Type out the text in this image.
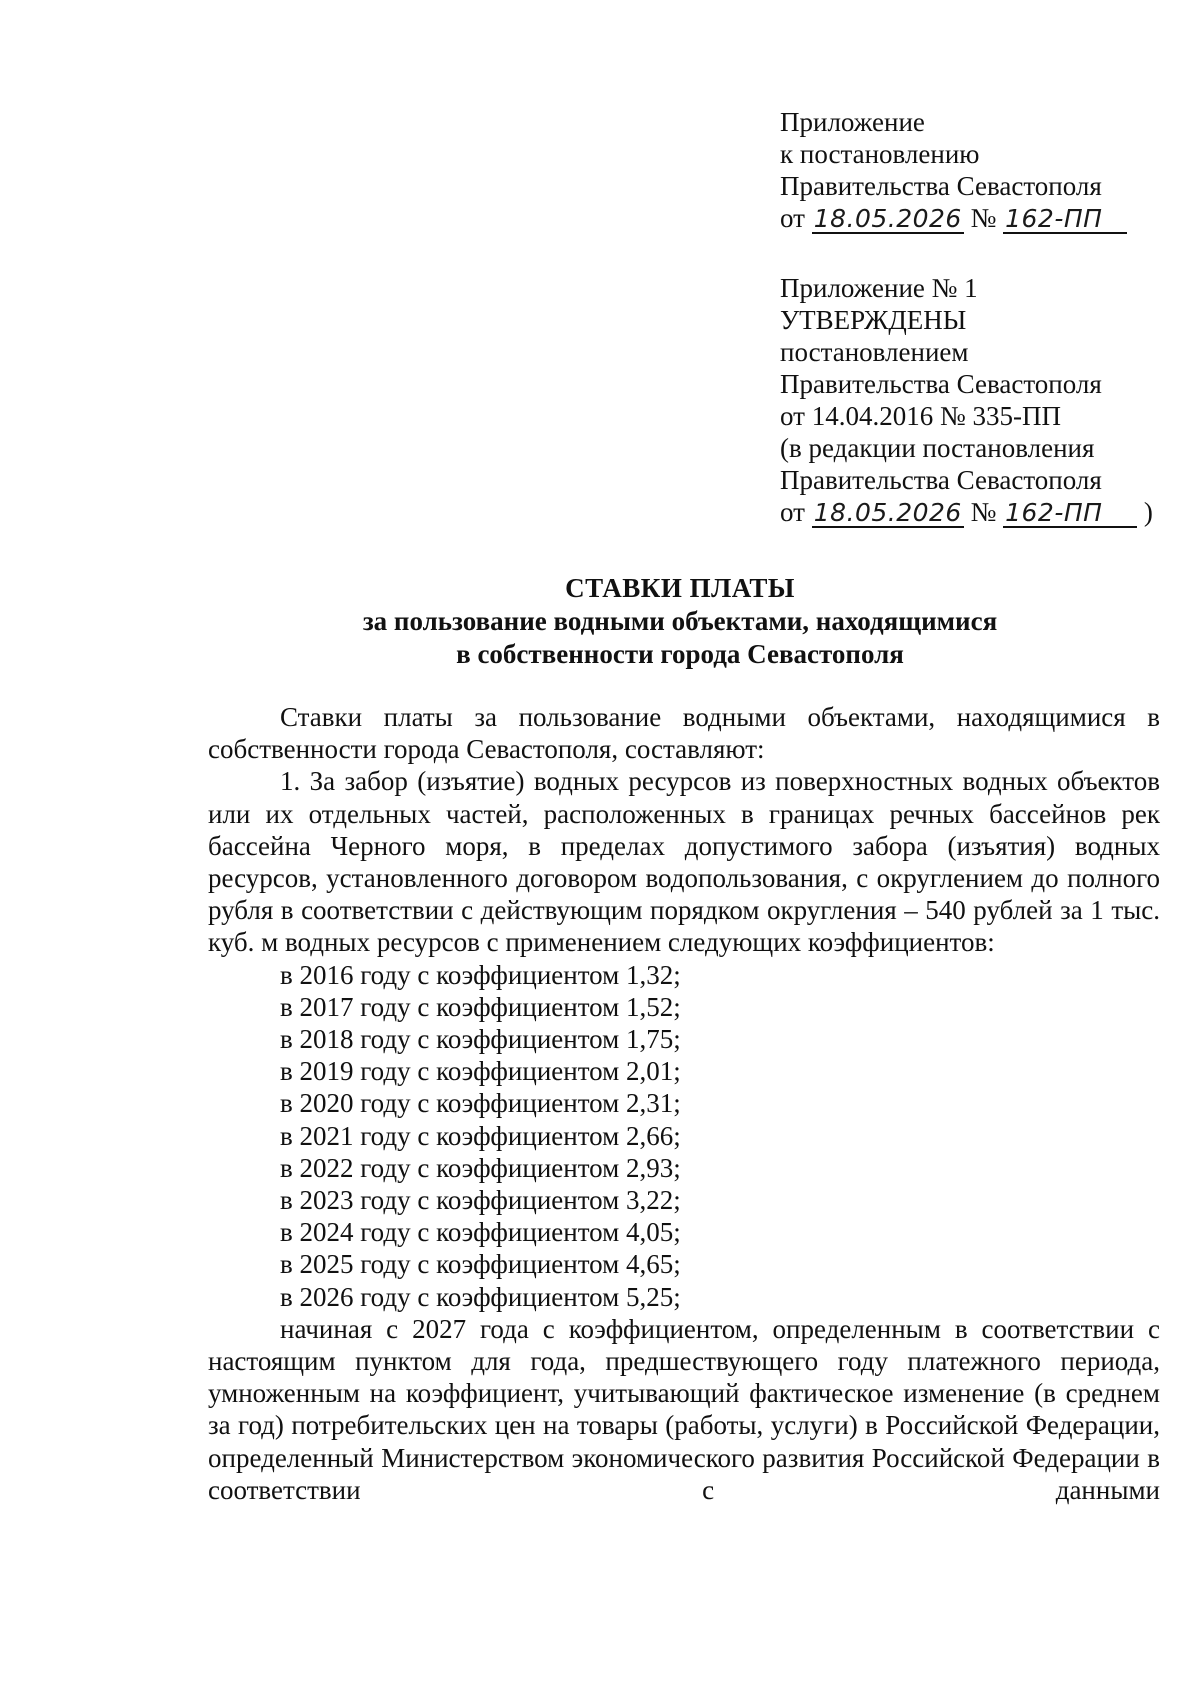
Приложение
к постановлению
Правительства Севастополя
от 18.05.2026 № 162-ПП
Приложение № 1
УТВЕРЖДЕНЫ
постановлением
Правительства Севастополя
от 14.04.2016 № 335-ПП
(в редакции постановления
Правительства Севастополя
от 18.05.2026 № 162-ПП )
СТАВКИ ПЛАТЫ
за пользование водными объектами, находящимися
в собственности города Севастополя

Ставки платы за пользование водными объектами, находящимися в собственности города Севастополя, составляют:

1. За забор (изъятие) водных ресурсов из поверхностных водных объектов или их отдельных частей, расположенных в границах речных бассейнов рек бассейна Черного моря, в пределах допустимого забора (изъятия) водных ресурсов, установленного договором водопользования, с округлением до полного рубля в соответствии с действующим порядком округления – 540 рублей за 1 тыс. куб. м водных ресурсов с применением следующих коэффициентов:

в 2016 году с коэффициентом 1,32;
в 2017 году с коэффициентом 1,52;
в 2018 году с коэффициентом 1,75;
в 2019 году с коэффициентом 2,01;
в 2020 году с коэффициентом 2,31;
в 2021 году с коэффициентом 2,66;
в 2022 году с коэффициентом 2,93;
в 2023 году с коэффициентом 3,22;
в 2024 году с коэффициентом 4,05;
в 2025 году с коэффициентом 4,65;
в 2026 году с коэффициентом 5,25;

начиная с 2027 года с коэффициентом, определенным в соответствии с настоящим пунктом для года, предшествующего году платежного периода, умноженным на коэффициент, учитывающий фактическое изменение (в среднем за год) потребительских цен на товары (работы, услуги) в Российской Федерации, определенный Министерством экономического развития Российской Федерации в соответствии с данными
